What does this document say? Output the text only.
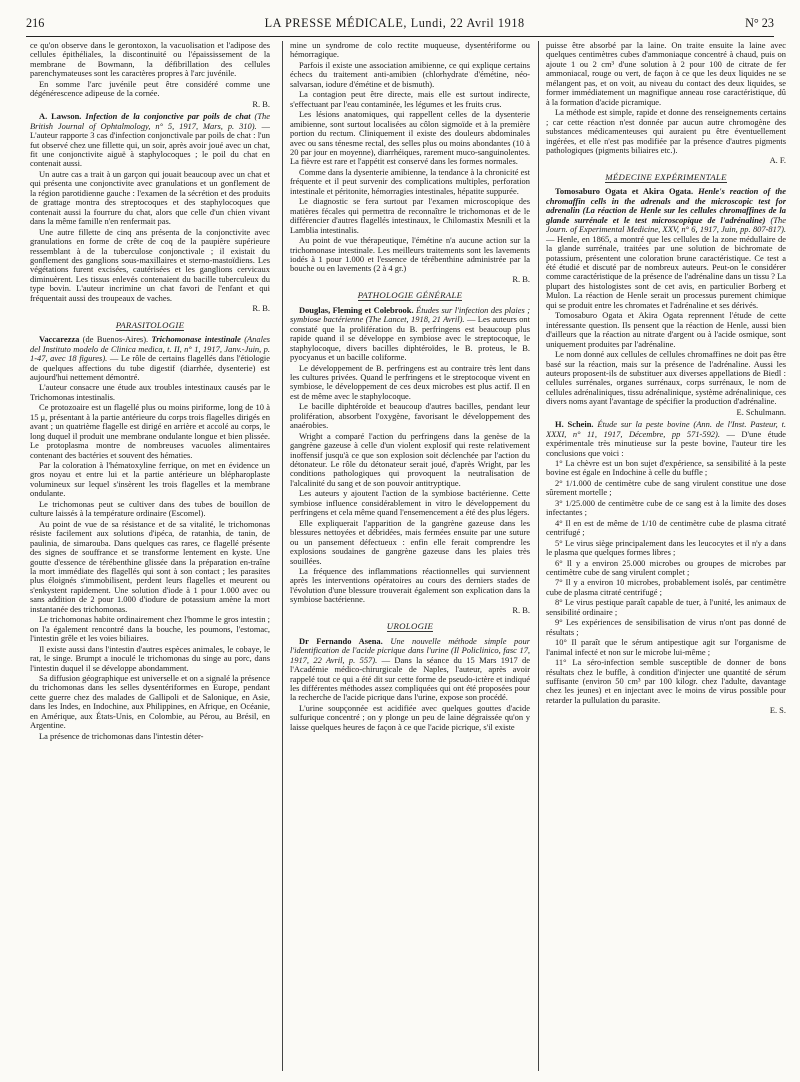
216	LA PRESSE MÉDICALE, Lundi, 22 Avril 1918	N° 23

ce qu'on observe dans le gerontoxon, la vacuolisation et l'adipose des cellules épithéliales, la discontinuité ou l'épaississement de la membrane de Bowmann, la défibrillation des cellules parenchymateuses sont les caractères propres à l'arc juvénile.

En somme l'arc juvénile peut être considéré comme une dégénérescence adipeuse de la cornée.

R. B.

A. Lawson. Infection de la conjonctive par poils de chat (The British Journal of Ophtalmology, n° 5, 1917, Mars, p. 310). — L'auteur rapporte 3 cas d'infection conjonctivale par poils de chat : l'un fut observé chez une fillette qui, un soir, après avoir joué avec un chat, fit une conjonctivite aiguë à staphylocoques ; le poil du chat en contenait aussi.

Un autre cas a trait à un garçon qui jouait beaucoup avec un chat et qui présenta une conjonctivite avec granulations et un gonflement de la région parotidienne gauche : l'examen de la sécrétion et des produits de grattage montra des streptocoques et des staphylocoques que contenait aussi la fourrure du chat, alors que celle d'un chien vivant dans la même famille n'en renfermait pas.

Une autre fillette de cinq ans présenta de la conjonctivite avec granulations en forme de crête de coq de la paupière supérieure ressemblant à de la tuberculose conjonctivale ; il existait du gonflement des ganglions sous-maxillaires et sterno-mastoïdiens. Les végétations furent excisées, cautérisées et les ganglions cervicaux diminuèrent. Les tissus enlevés contenaient du bacille tuberculeux du type bovin. L'auteur incrimine un chat favori de l'enfant et qui fréquentait aussi des troupeaux de vaches.

R. B.
PARASITOLOGIE

Vaccarezza (de Buenos-Aires). Trichomonase intestinale (Anales del Instituto modelo de Clinica medica, t. II, n° 1, 1917, Janv.-Juin, p. 1-47, avec 18 figures). — Le rôle de certains flagellés dans l'étiologie de quelques affections du tube digestif (diarrhée, dysenterie) est aujourd'hui nettement démontré.

L'auteur consacre une étude aux troubles intestinaux causés par le Trichomonas intestinalis.

Ce protozoaire est un flagellé plus ou moins piriforme, long de 10 à 15 μ, présentant à la partie antérieure du corps trois flagelles dirigés en avant ; un quatrième flagelle est dirigé en arrière et accolé au corps, le long duquel il produit une membrane ondulante longue et bien plissée. Le protoplasma montre de nombreuses vacuoles alimentaires contenant des bactéries et souvent des hématies.

Par la coloration à l'hématoxyline ferrique, on met en évidence un gros noyau et entre lui et la partie antérieure un blépharoplaste volumineux sur lequel s'insèrent les trois flagelles et la membrane ondulante.

Le trichomonas peut se cultiver dans des tubes de bouillon de culture laissés à la température ordinaire (Escomel).

Au point de vue de sa résistance et de sa vitalité, le trichomonas résiste facilement aux solutions d'ipéca, de ratanhia, de tanin, de paulinia, de simarouba. Dans quelques cas rares, ce flagellé présente des signes de souffrance et se transforme lentement en kyste. Une goutte d'essence de térébenthine glissée dans la préparation en-traîne la mort immédiate des flagellés qui sont à son contact ; les parasites plus éloignés s'immobilisent, perdent leurs flagelles et meurent ou s'enkystent rapidement. Une solution d'iode à 1 pour 1.000 avec ou sans addition de 2 pour 1.000 d'iodure de potassium amène la mort instantanée des trichomonas.

Le trichomonas habite ordinairement chez l'homme le gros intestin ; on l'a également rencontré dans la bouche, les poumons, l'estomac, l'intestin grêle et les voies biliaires.

Il existe aussi dans l'intestin d'autres espèces animales, le cobaye, le rat, le singe. Brumpt a inoculé le trichomonas du singe au porc, dans l'intestin duquel il se développe abondamment.

Sa diffusion géographique est universelle et on a signalé la présence du trichomonas dans les selles dysentériformes en Europe, pendant cette guerre chez des malades de Gallipoli et de Salonique, en Asie, dans les Indes, en Indochine, aux Philippines, en Afrique, en Océanie, en Amérique, aux États-Unis, en Colombie, au Pérou, au Brésil, en Argentine.

La présence de trichomonas dans l'intestin déter-

mine un syndrome de colo rectite muqueuse, dysentériforme ou hémorragique.

Parfois il existe une association amibienne, ce qui explique certains échecs du traitement anti-amibien (chlorhydrate d'émétine, néo-salvarsan, iodure d'émétine et de bismuth).

La contagion peut être directe, mais elle est surtout indirecte, s'effectuant par l'eau contaminée, les légumes et les fruits crus.

Les lésions anatomiques, qui rappellent celles de la dysenterie amibienne, sont surtout localisées au côlon sigmoïde et à la première portion du rectum. Cliniquement il existe des douleurs abdominales avec ou sans ténesme rectal, des selles plus ou moins abondantes (10 à 20 par jour en moyenne), diarrhéiques, rarement muco-sanguinolentes. La fièvre est rare et l'appétit est conservé dans les formes normales.

Comme dans la dysenterie amibienne, la tendance à la chronicité est fréquente et il peut survenir des complications multiples, perforation intestinale et péritonite, hémorragies intestinales, hépatite suppurée.

Le diagnostic se fera surtout par l'examen microscopique des matières fécales qui permettra de reconnaître le trichomonas et de le différencier d'autres flagellés intestinaux, le Chilomastix Mesnili et la Lamblia intestinalis.

Au point de vue thérapeutique, l'émétine n'a aucune action sur la trichomonase intestinale. Les meilleurs traitements sont les lavements iodés à 1 pour 1.000 et l'essence de térébenthine administrée par la bouche ou en lavements (2 à 4 gr.)

R. B.
PATHOLOGIE GÉNÉRALE

Douglas, Fleming et Colebrook. Études sur l'infection des plaies ; symbiose bactérienne (The Lancet, 1918, 21 Avril). — Les auteurs ont constaté que la prolifération du B. perfringens est beaucoup plus rapide quand il se développe en symbiose avec le streptocoque, le staphylocoque, divers bacilles diphtéroïdes, le B. proteus, le B. pyocyanus et un bacille coliforme.

Le développement de B. perfringens est au contraire très lent dans les cultures privées. Quand le perfringens et le streptocoque vivent en symbiose, le développement de ces deux microbes est plus actif. Il en est de même avec le staphylocoque.

Le bacille diphtéroïde et beaucoup d'autres bacilles, pendant leur prolifération, absorbent l'oxygène, favorisant le développement des anaérobies.

Wright a comparé l'action du perfringens dans la genèse de la gangrène gazeuse à celle d'un violent explosif qui reste relativement inoffensif jusqu'à ce que son explosion soit déclenchée par l'action du détonateur. Le rôle du détonateur serait joué, d'après Wright, par les conditions pathologiques qui provoquent la neutralisation de l'alcalinité du sang et de son pouvoir antitryptique.

Les auteurs y ajoutent l'action de la symbiose bactérienne. Cette symbiose influence considérablement in vitro le développement du perfringens et cela même quand l'ensemencement a été des plus légers.

Elle expliquerait l'apparition de la gangrène gazeuse dans les blessures nettoyées et débridées, mais fermées ensuite par une suture ou un pansement défectueux : enfin elle ferait comprendre les explosions soudaines de gangrène gazeuse dans les plaies très souillées.

La fréquence des inflammations réactionnelles qui surviennent après les interventions opératoires au cours des derniers stades de l'évolution d'une blessure trouverait également son explication dans la symbiose bactérienne.

R. B.
UROLOGIE

Dr Fernando Asena. Une nouvelle méthode simple pour l'identification de l'acide picrique dans l'urine (Il Policlinico, fasc 17, 1917, 22 Avril, p. 557). — Dans la séance du 15 Mars 1917 de l'Académie médico-chirurgicale de Naples, l'auteur, après avoir rappelé tout ce qui a été dit sur cette forme de pseudo-ictère et indiqué les différentes méthodes assez compliquées qui ont été proposées pour la recherche de l'acide picrique dans l'urine, expose son procédé.

L'urine soupçonnée est acidifiée avec quelques gouttes d'acide sulfurique concentré ; on y plonge un peu de laine dégraissée qu'on y laisse quelques heures de façon à ce que l'acide picrique, s'il existe

puisse être absorbé par la laine. On traite ensuite la laine avec quelques centimètres cubes d'ammoniaque concentré à chaud, puis on ajoute 1 ou 2 cm³ d'une solution à 2 pour 100 de citrate de fer ammoniacal, rouge ou vert, de façon à ce que les deux liquides ne se mélangent pas, et on voit, au niveau du contact des deux liquides, se former immédiatement un magnifique anneau rose caractéristique, dû à la formation d'acide picramique.

La méthode est simple, rapide et donne des renseignements certains ; car cette réaction n'est donnée par aucun autre chromogène des substances médicamenteuses qui auraient pu être éventuellement ingérées, et elle n'est pas modifiée par la présence d'autres pigments pathologiques (pigments biliaires etc.).

A. F.
MÉDECINE EXPÉRIMENTALE

Tomosaburo Ogata et Akira Ogata. Henle's reaction of the chromaffin cells in the adrenals and the microscopic test for adrenalin (La réaction de Henle sur les cellules chromaffines de la glande surrénale et le test microscopique de l'adrénaline) (The Journ. of Experimental Medicine, XXV, n° 6, 1917, Juin, pp. 807-817). — Henle, en 1865, a montré que les cellules de la zone médullaire de la glande surrénale, traitées par une solution de bichromate de potassium, présentent une coloration brune caractéristique. Ce test a été étudié et discuté par de nombreux auteurs. Peut-on le considérer comme caractéristique de la présence de l'adrénaline dans un tissu ? La plupart des histologistes sont de cet avis, en particulier Borberg et Mulon. La réaction de Henle serait un processus purement chimique qui se produit entre les chromates et l'adrénaline et ses dérivés.

Tomosaburo Ogata et Akira Ogata reprennent l'étude de cette intéressante question. Ils pensent que la réaction de Henle, aussi bien d'ailleurs que la réaction au nitrate d'argent ou à l'acide osmique, sont uniquement produites par l'adrénaline.

Le nom donné aux cellules de cellules chromaffines ne doit pas être basé sur la réaction, mais sur la présence de l'adrénaline. Aussi les auteurs proposent-ils de substituer aux diverses appellations de Biedl : cellules surrénales, organes surrénaux, corps surrénaux, le nom de cellules adrénaliniques, tissu adrénalinique, système adrénalinique, ces divers noms ayant l'avantage de spécifier la production d'adrénaline.

E. Schulmann.

H. Schein. Étude sur la peste bovine (Ann. de l'Inst. Pasteur, t. XXXI, n° 11, 1917, Décembre, pp 571-592). — D'une étude expérimentale très minutieuse sur la peste bovine, l'auteur tire les conclusions que voici :

1° La chèvre est un bon sujet d'expérience, sa sensibilité à la peste bovine est égale en Indochine à celle du buffle ;

2° 1/1.000 de centimètre cube de sang virulent constitue une dose sûrement mortelle ;

3° 1/25.000 de centimètre cube de ce sang est à la limite des doses infectantes ;

4° Il en est de même de 1/10 de centimètre cube de plasma citraté centrifugé ;

5° Le virus siège principalement dans les leucocytes et il n'y a dans le plasma que quelques formes libres ;

6° Il y a environ 25.000 microbes ou groupes de microbes par centimètre cube de sang virulent complet ;

7° Il y a environ 10 microbes, probablement isolés, par centimètre cube de plasma citraté centrifugé ;

8° Le virus pestique paraît capable de tuer, à l'unité, les animaux de sensibilité ordinaire ;

9° Les expériences de sensibilisation de virus n'ont pas donné de résultats ;

10° Il paraît que le sérum antipestique agit sur l'organisme de l'animal infecté et non sur le microbe lui-même ;

11° La séro-infection semble susceptible de donner de bons résultats chez le buffle, à condition d'injecter une quantité de sérum suffisante (environ 50 cm³ par 100 kilogr. chez l'adulte, davantage chez les jeunes) et en injectant avec le moins de virus possible pour retarder la pullulation du parasite.

E. S.
